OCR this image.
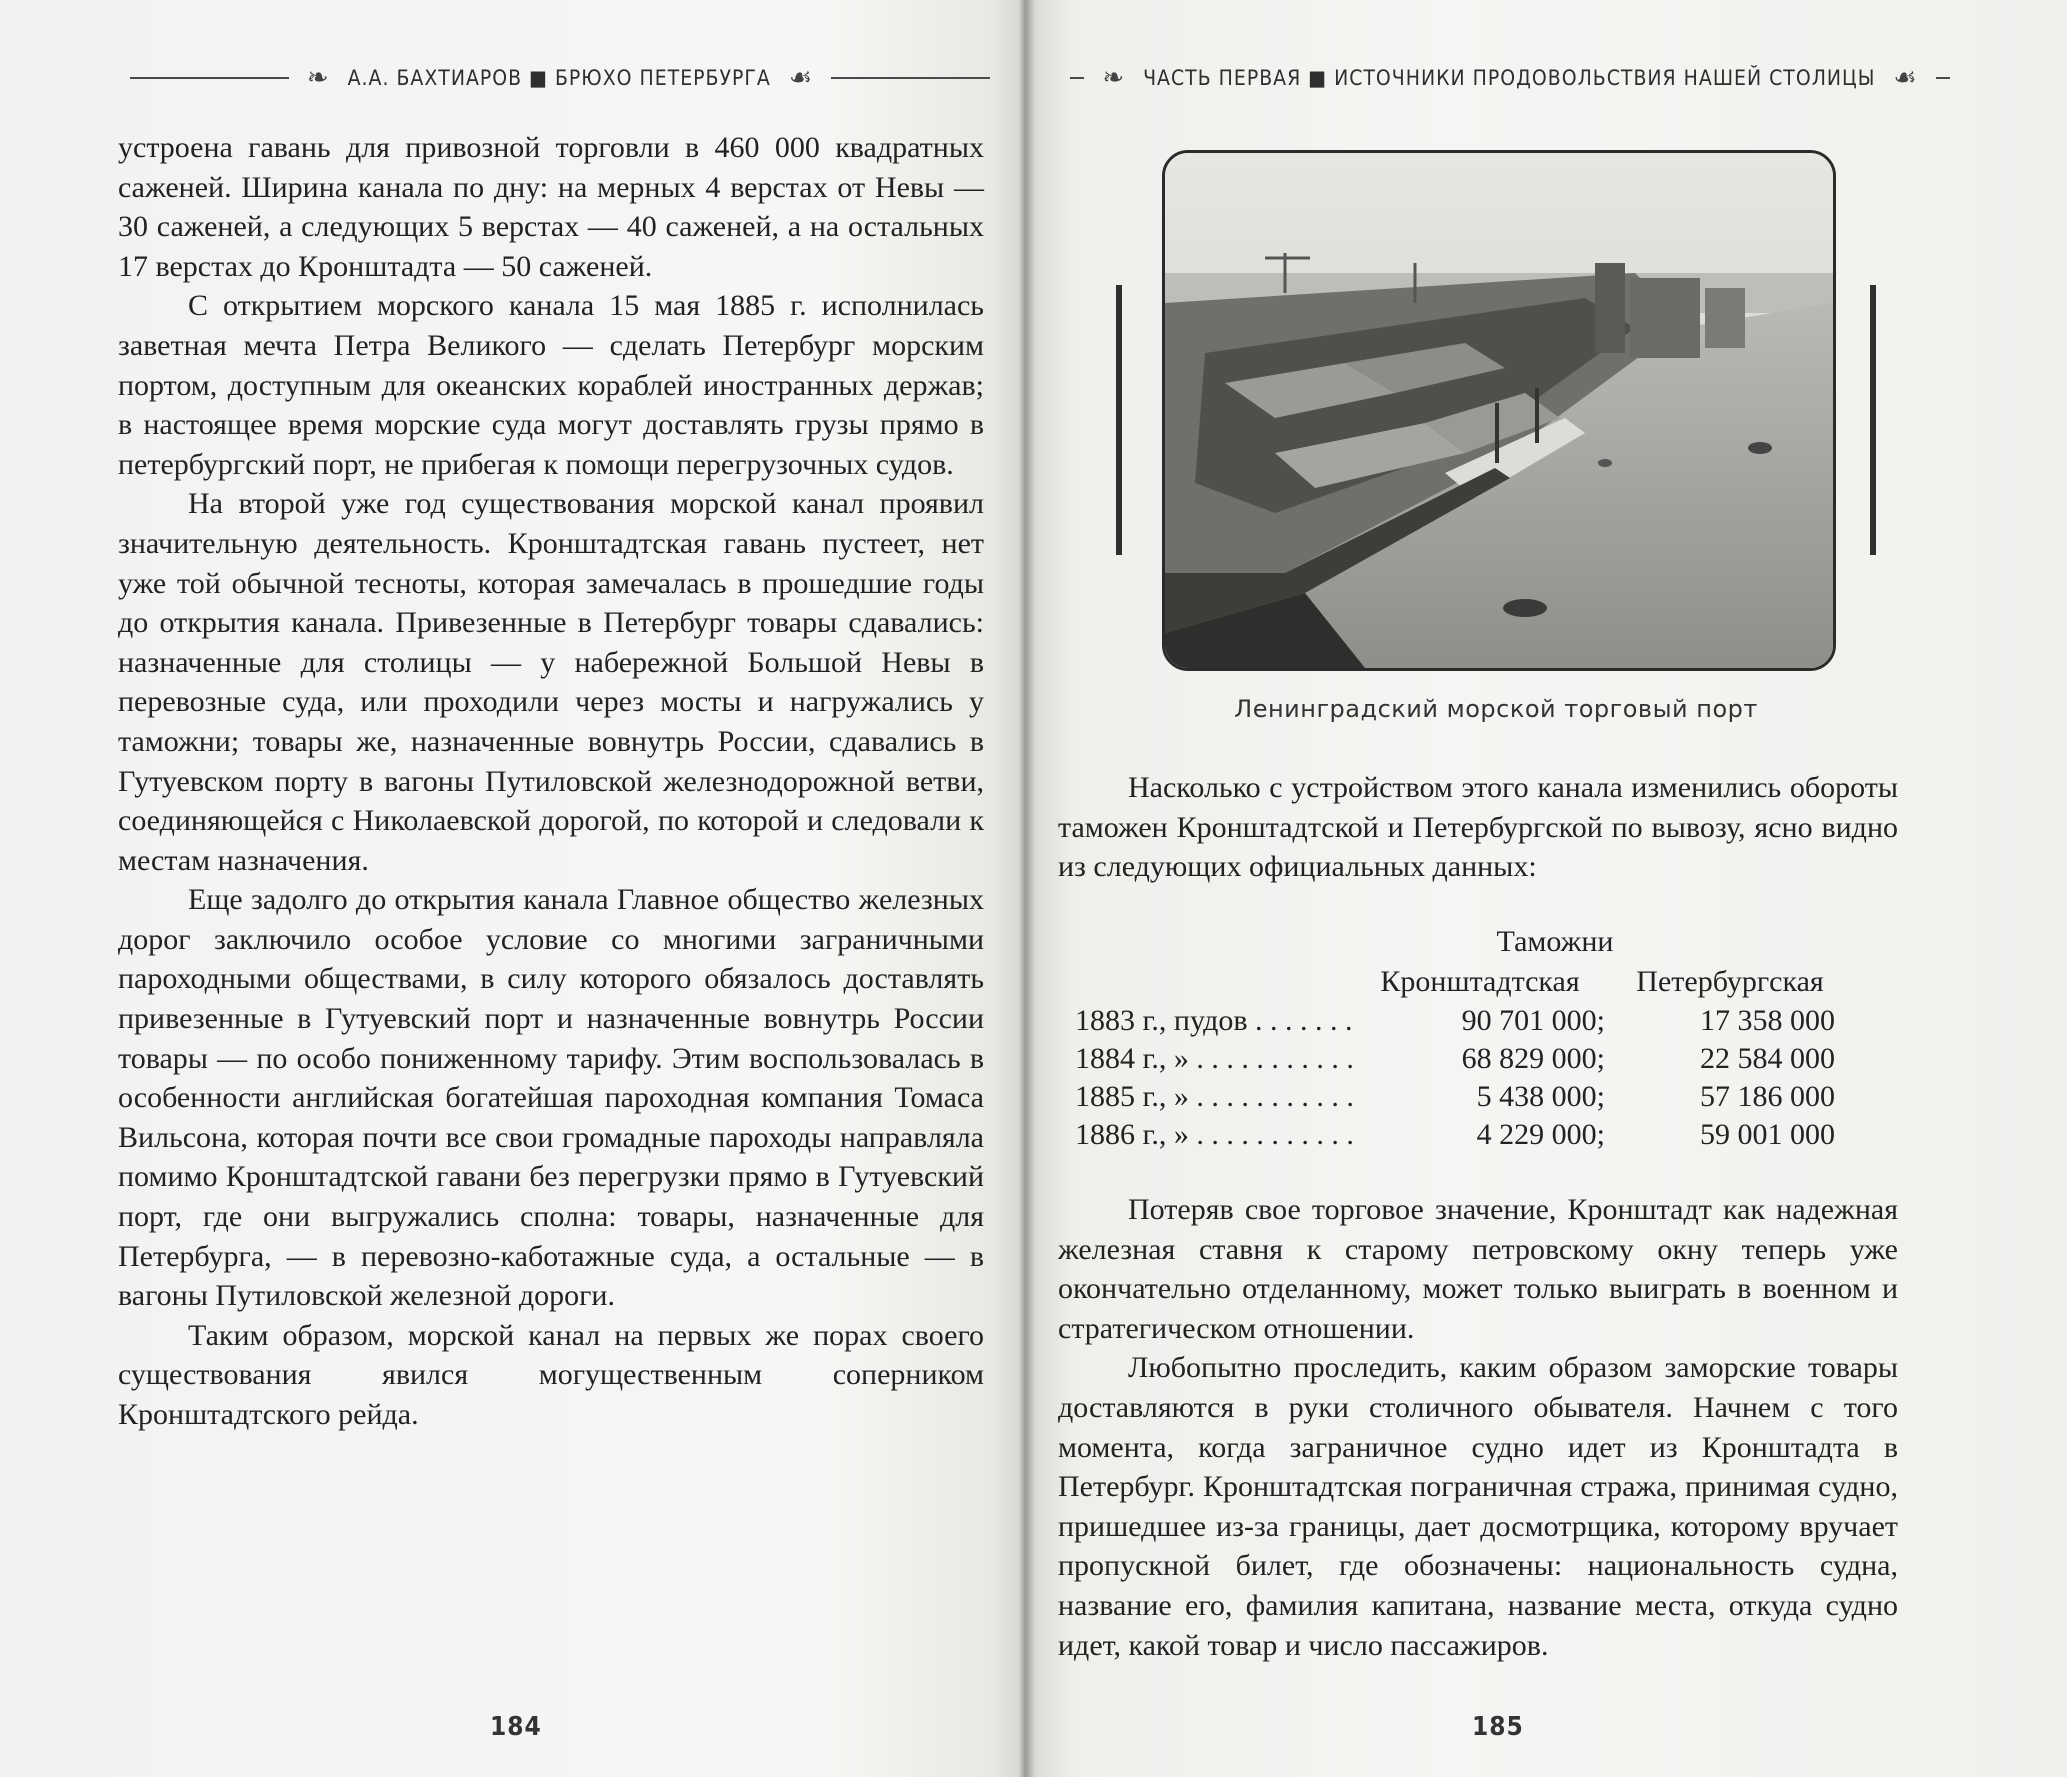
❧ А.А. БАХТИАРОВ ■ БРЮХО ПЕТЕРБУРГА ☙

устроена гавань для привозной торговли в 460 000 квадратных саженей. Ширина канала по дну: на мерных 4 верстах от Невы — 30 саженей, а следующих 5 верстах — 40 саженей, а на остальных 17 верстах до Кронштадта — 50 саженей.

С открытием морского канала 15 мая 1885 г. исполнилась заветная мечта Петра Великого — сделать Петербург морским портом, доступным для океанских кораблей иностранных держав; в настоящее время морские суда могут доставлять грузы прямо в петербургский порт, не прибегая к помощи перегрузочных судов.

На второй уже год существования морской канал проявил значительную деятельность. Кронштадтская гавань пустеет, нет уже той обычной тесноты, которая замечалась в прошедшие годы до открытия канала. Привезенные в Петербург товары сдавались: назначенные для столицы — у набережной Большой Невы в перевозные суда, или проходили через мосты и нагружались у таможни; товары же, назначенные вовнутрь России, сдавались в Гутуевском порту в вагоны Путиловской железнодорожной ветви, соединяющейся с Николаевской дорогой, по которой и следовали к местам назначения.

Еще задолго до открытия канала Главное общество железных дорог заключило особое условие со многими заграничными пароходными обществами, в силу которого обязалось доставлять привезенные в Гутуевский порт и назначенные вовнутрь России товары — по особо пониженному тарифу. Этим воспользовалась в особенности английская богатейшая пароходная компания Томаса Вильсона, которая почти все свои громадные пароходы направляла помимо Кронштадтской гавани без перегрузки прямо в Гутуевский порт, где они выгружались сполна: товары, назначенные для Петербурга, — в перевозно-каботажные суда, а остальные — в вагоны Путиловской железной дороги.

Таким образом, морской канал на первых же порах своего существования явился могущественным соперником Кронштадтского рейда.

184
❧ ЧАСТЬ ПЕРВАЯ ■ ИСТОЧНИКИ ПРОДОВОЛЬСТВИЯ НАШЕЙ СТОЛИЦЫ ☙
Ленинградский морской торговый порт

Насколько с устройством этого канала изменились обороты таможен Кронштадтской и Петербургской по вывозу, ясно видно из следующих официальных данных:

Таможни
Кронштадтская	Петербургская
1883 г., пудов . . . . . . .	90 701 000;	17 358 000
1884 г., » . . . . . . . . . . .	68 829 000;	22 584 000
1885 г., » . . . . . . . . . . .	5 438 000;	57 186 000
1886 г., » . . . . . . . . . . .	4 229 000;	59 001 000

Потеряв свое торговое значение, Кронштадт как надежная железная ставня к старому петровскому окну теперь уже окончательно отделанному, может только выиграть в военном и стратегическом отношении.

Любопытно проследить, каким образом заморские товары доставляются в руки столичного обывателя. Начнем с того момента, когда заграничное судно идет из Кронштадта в Петербург. Кронштадтская пограничная стража, принимая судно, пришедшее из-за границы, дает досмотрщика, которому вручает пропускной билет, где обозначены: национальность судна, название его, фамилия капитана, название места, откуда судно идет, какой товар и число пассажиров.

185
